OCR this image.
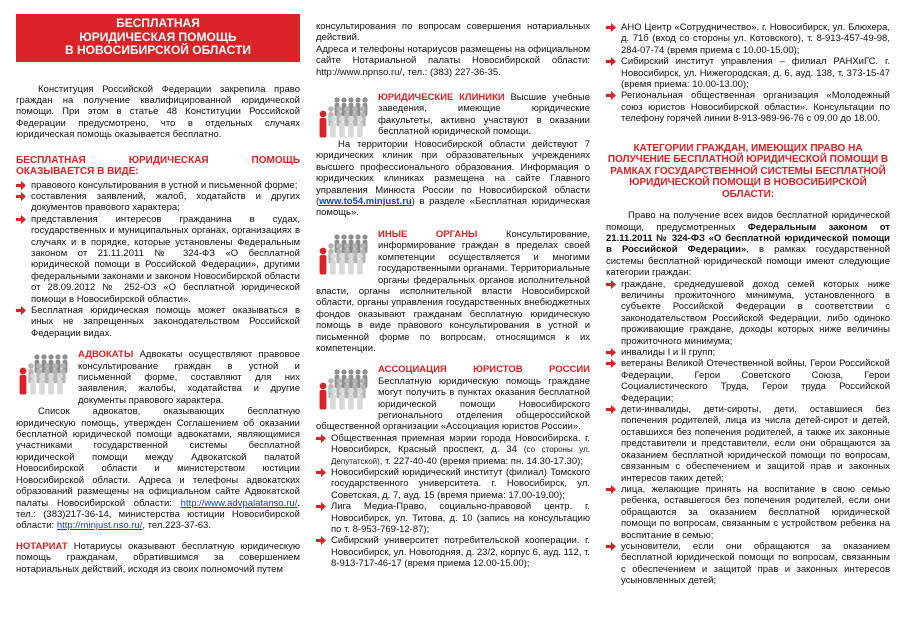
БЕСПЛАТНАЯ
ЮРИДИЧЕСКАЯ ПОМОЩЬ
В НОВОСИБИРСКОЙ ОБЛАСТИ

Конституция Российской Федерации закрепила право граждан на получение квалифицированной юридической помощи. При этом в статье 48 Конституции Российской Федерации предусмотрено, что в отдельных случаях юридическая помощь оказывается бесплатно.

БЕСПЛАТНАЯ ЮРИДИЧЕСКАЯ ПОМОЩЬ ОКАЗЫВАЕТСЯ В ВИДЕ:
правового консультирования в устной и письменной форме;
составления заявлений, жалоб, ходатайств и других документов правового характера;
представления интересов гражданина в судах, государственных и муниципальных органах, организациях в случаях и в порядке, которые установлены Федеральным законом от 21.11.2011 № 324-ФЗ «О бесплатной юридической помощи в Российской Федерации», другими федеральными законами и законом Новосибирской области от 28.09.2012 № 252-ОЗ «О бесплатной юридической помощи в Новосибирской области».
Бесплатная юридическая помощь может оказываться в иных не запрещенных законодательством Российской Федерации видах.

АДВОКАТЫ Адвокаты осуществляют правовое консультирование граждан в устной и письменной форме, составляют для них заявления, жалобы, ходатайства и другие документы правового характера.

Список адвокатов, оказывающих бесплатную юридическую помощь, утвержден Соглашением об оказании бесплатной юридической помощи адвокатами, являющимися участниками государственной системы бесплатной юридической помощи между Адвокатской палатой Новосибирской области и министерством юстиции Новосибирской области. Адреса и телефоны адвокатских образований размещены на официальном сайте Адвокатской палаты Новосибирской области: http://www.advpalatanso.ru/, тел.: (383)217-36-14, министерства юстиции Новосибирской области: http://minjust.nso.ru/, тел.223-37-63.

НОТАРИАТ Нотариусы оказывают бесплатную юридическую помощь гражданам, обратившимся за совершением нотариальных действий, исходя из своих полномочий путем

консультирования по вопросам совершения нотариальных действий.

Адреса и телефоны нотариусов размещены на официальном сайте Нотариальной палаты Новосибирской области: http://www.npnso.ru/, тел.: (383) 227-36-35.

ЮРИДИЧЕСКИЕ КЛИНИКИ Высшие учебные заведения, имеющие юридические факультеты, активно участвуют в оказании бесплатной юридической помощи.

На территории Новосибирской области действуют 7 юридических клиник при образовательных учреждениях высшего профессионального образования. Информация о юридических клиниках размещена на сайте Главного управления Минюста России по Новосибирской области (www.to54.minjust.ru) в разделе «Бесплатная юридическая помощь».

ИНЫЕ ОРГАНЫ Консультирование, информирование граждан в пределах своей компетенции осуществляется и многими государственными органами. Территориальные органы федеральных органов исполнительной власти, органы исполнительной власти Новосибирской области, органы управления государственных внебюджетных фондов оказывают гражданам бесплатную юридическую помощь в виде правового консультирования в устной и письменной форме по вопросам, относящимся к их компетенции.

АССОЦИАЦИЯ ЮРИСТОВ РОССИИ Бесплатную юридическую помощь граждане могут получить в пунктах оказания бесплатной юридической помощи Новосибирского регионального отделения общероссийской общественной организации «Ассоциация юристов России».

Общественная приемная мэрии города Новосибирска. г. Новосибирск, Красный проспект, д. 34 (со стороны ул. Депутатской), т. 227-40-40 (время приема: пн. 14.30-17.30);
Новосибирский юридический институт (филиал) Томского государственного университета. г. Новосибирск, ул. Советская, д. 7, ауд. 15 (время приема: 17.00-19.00);
Лига Медиа-Право, социально-правовой центр. г. Новосибирск, ул. Титова, д. 10 (запись на консультацию по т. 8-953-769-12-87);
Сибирский университет потребительской кооперации. г. Новосибирск, ул. Новогодняя, д. 23/2, корпус 6, ауд. 112, т. 8-913-717-46-17 (время приема 12.00-15.00);
АНО Центр «Сотрудничество». г. Новосибирск, ул. Блюхера, д. 71б (вход со стороны ул. Котовского), т. 8-913-457-49-98, 284-07-74 (время приема с 10.00-15.00);
Сибирский институт управления – филиал РАНХиГС. г. Новосибирск, ул. Нижегородская, д. 6, ауд. 138, т. 373-15-47 (время приема: 10.00-13.00);
Региональная общественная организация «Молодежный союз юристов Новосибирской области». Консультации по телефону горячей линии 8-913-989-96-76 с 09.00 до 18.00.
КАТЕГОРИИ ГРАЖДАН, ИМЕЮЩИХ ПРАВО НА ПОЛУЧЕНИЕ БЕСПЛАТНОЙ ЮРИДИЧЕСКОЙ ПОМОЩИ В РАМКАХ ГОСУДАРСТВЕННОЙ СИСТЕМЫ БЕСПЛАТНОЙ ЮРИДИЧЕСКОЙ ПОМОЩИ В НОВОСИБИРСКОЙ ОБЛАСТИ:

Право на получение всех видов бесплатной юридической помощи, предусмотренных Федеральным законом от 21.11.2011 № 324-ФЗ «О бесплатной юридической помощи в Российской Федерации», в рамках государственной системы бесплатной юридической помощи имеют следующие категории граждан:

граждане, среднедушевой доход семей которых ниже величины прожиточного минимума, установленного в субъекте Российской Федерации в соответствии с законодательством Российской Федерации, либо одиноко проживающие граждане, доходы которых ниже величины прожиточного минимума;
инвалиды I и II групп;
ветераны Великой Отечественной войны, Герои Российской Федерации, Герои Советского Союза, Герои Социалистического Труда, Герои труда Российской Федерации;
дети-инвалиды, дети-сироты, дети, оставшиеся без попечения родителей, лица из числа детей-сирот и детей, оставшихся без попечения родителей, а также их законные представители и представители, если они обращаются за оказанием бесплатной юридической помощи по вопросам, связанным с обеспечением и защитой прав и законных интересов таких детей;
лица, желающие принять на воспитание в свою семью ребенка, оставшегося без попечения родителей, если они обращаются за оказанием бесплатной юридической помощи по вопросам, связанным с устройством ребенка на воспитание в семью;
усыновители, если они обращаются за оказанием бесплатной юридической помощи по вопросам, связанным с обеспечением и защитой прав и законных интересов усыновленных детей;
